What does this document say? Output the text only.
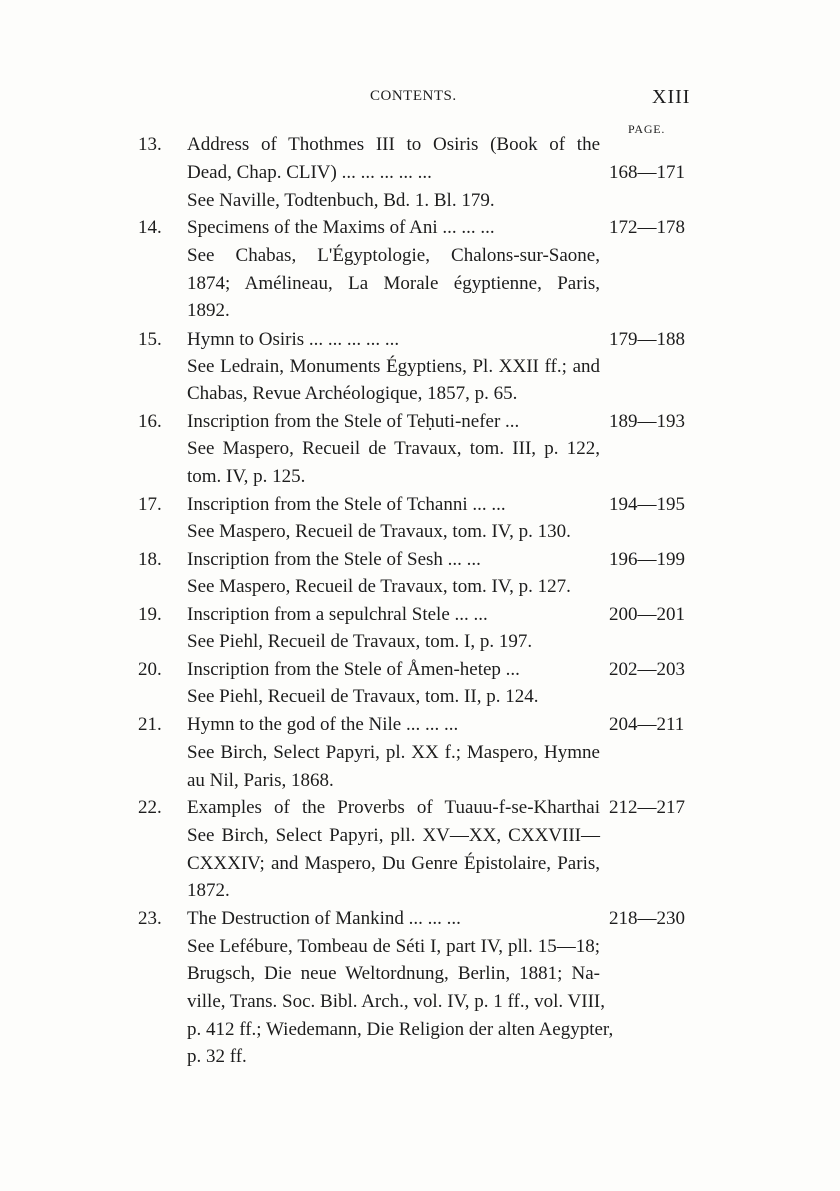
CONTENTS.	XIII
PAGE.
13.	Address of Thothmes III to Osiris (Book of the
Dead, Chap. CLIV) ... ... ... ... ...	168—171
See Naville, Todtenbuch, Bd. 1. Bl. 179.
14.	Specimens of the Maxims of Ani ... ... ...	172—178
See Chabas, L'Égyptologie, Chalons-sur-Saone,
1874; Amélineau, La Morale égyptienne, Paris,
1892.
15.	Hymn to Osiris ... ... ... ... ...	179—188
See Ledrain, Monuments Égyptiens, Pl. XXII ff.; and
Chabas, Revue Archéologique, 1857, p. 65.
16.	Inscription from the Stele of Teḥuti-nefer ...	189—193
See Maspero, Recueil de Travaux, tom. III, p. 122,
tom. IV, p. 125.
17.	Inscription from the Stele of Tchanni ... ...	194—195
See Maspero, Recueil de Travaux, tom. IV, p. 130.
18.	Inscription from the Stele of Sesh ... ...	196—199
See Maspero, Recueil de Travaux, tom. IV, p. 127.
19.	Inscription from a sepulchral Stele ... ...	200—201
See Piehl, Recueil de Travaux, tom. I, p. 197.
20.	Inscription from the Stele of Åmen-hetep ...	202—203
See Piehl, Recueil de Travaux, tom. II, p. 124.
21.	Hymn to the god of the Nile ... ... ...	204—211
See Birch, Select Papyri, pl. XX f.; Maspero, Hymne
au Nil, Paris, 1868.
22.	Examples of the Proverbs of Tuauu-f-se-Kharthai 212—217
See Birch, Select Papyri, pll. XV—XX, CXXVIII—
CXXXIV; and Maspero, Du Genre Épistolaire, Paris,
1872.
23.	The Destruction of Mankind ... ... ...	218—230
See Lefébure, Tombeau de Séti I, part IV, pll. 15—18;
Brugsch, Die neue Weltordnung, Berlin, 1881; Na-
ville, Trans. Soc. Bibl. Arch., vol. IV, p. 1 ff., vol. VIII,
p. 412 ff.; Wiedemann, Die Religion der alten Aegypter,
p. 32 ff.
